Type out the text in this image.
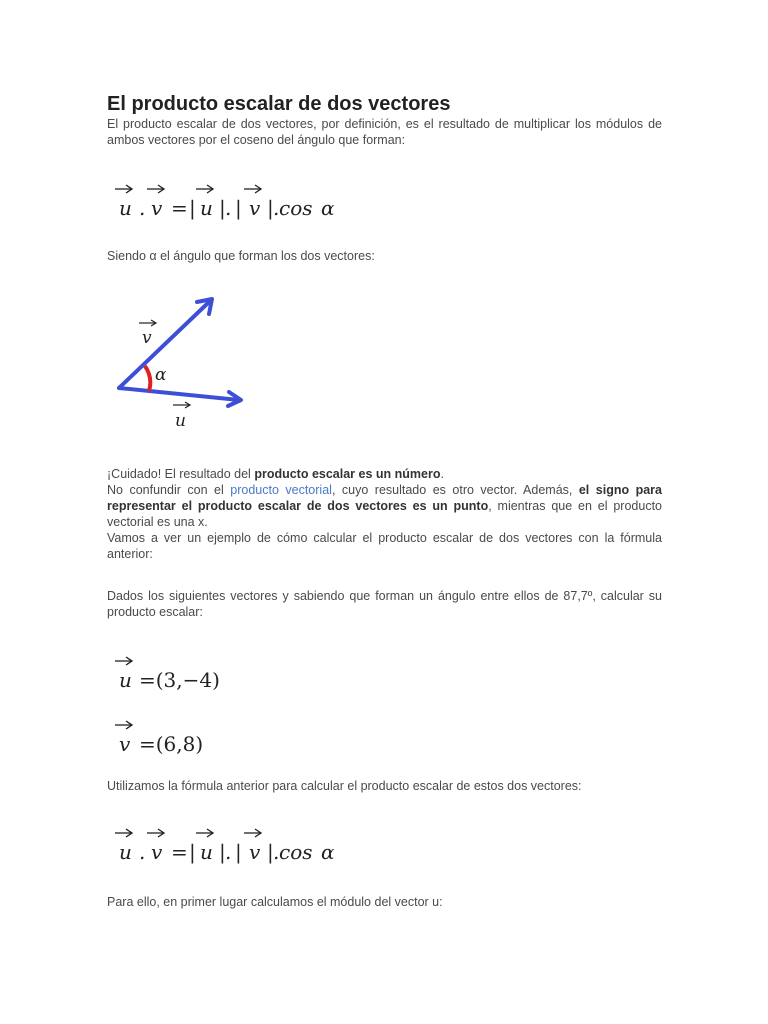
El producto escalar de dos vectores

El producto escalar de dos vectores, por definición, es el resultado de multiplicar los módulos de ambos vectores por el coseno del ángulo que forman:

u . v = | u | . | v | . cos α

Siendo α el ángulo que forman los dos vectores:

α
v
u

¡Cuidado! El resultado del producto escalar es un número.

No confundir con el producto vectorial, cuyo resultado es otro vector. Además, el signo para representar el producto escalar de dos vectores es un punto, mientras que en el producto vectorial es una x.

Vamos a ver un ejemplo de cómo calcular el producto escalar de dos vectores con la fórmula anterior:

Dados los siguientes vectores y sabiendo que forman un ángulo entre ellos de 87,7º, calcular su producto escalar:

u =(3,−4)
v =(6,8)

Utilizamos la fórmula anterior para calcular el producto escalar de estos dos vectores:

u . v = | u | . | v | . cos α

Para ello, en primer lugar calculamos el módulo del vector u:
